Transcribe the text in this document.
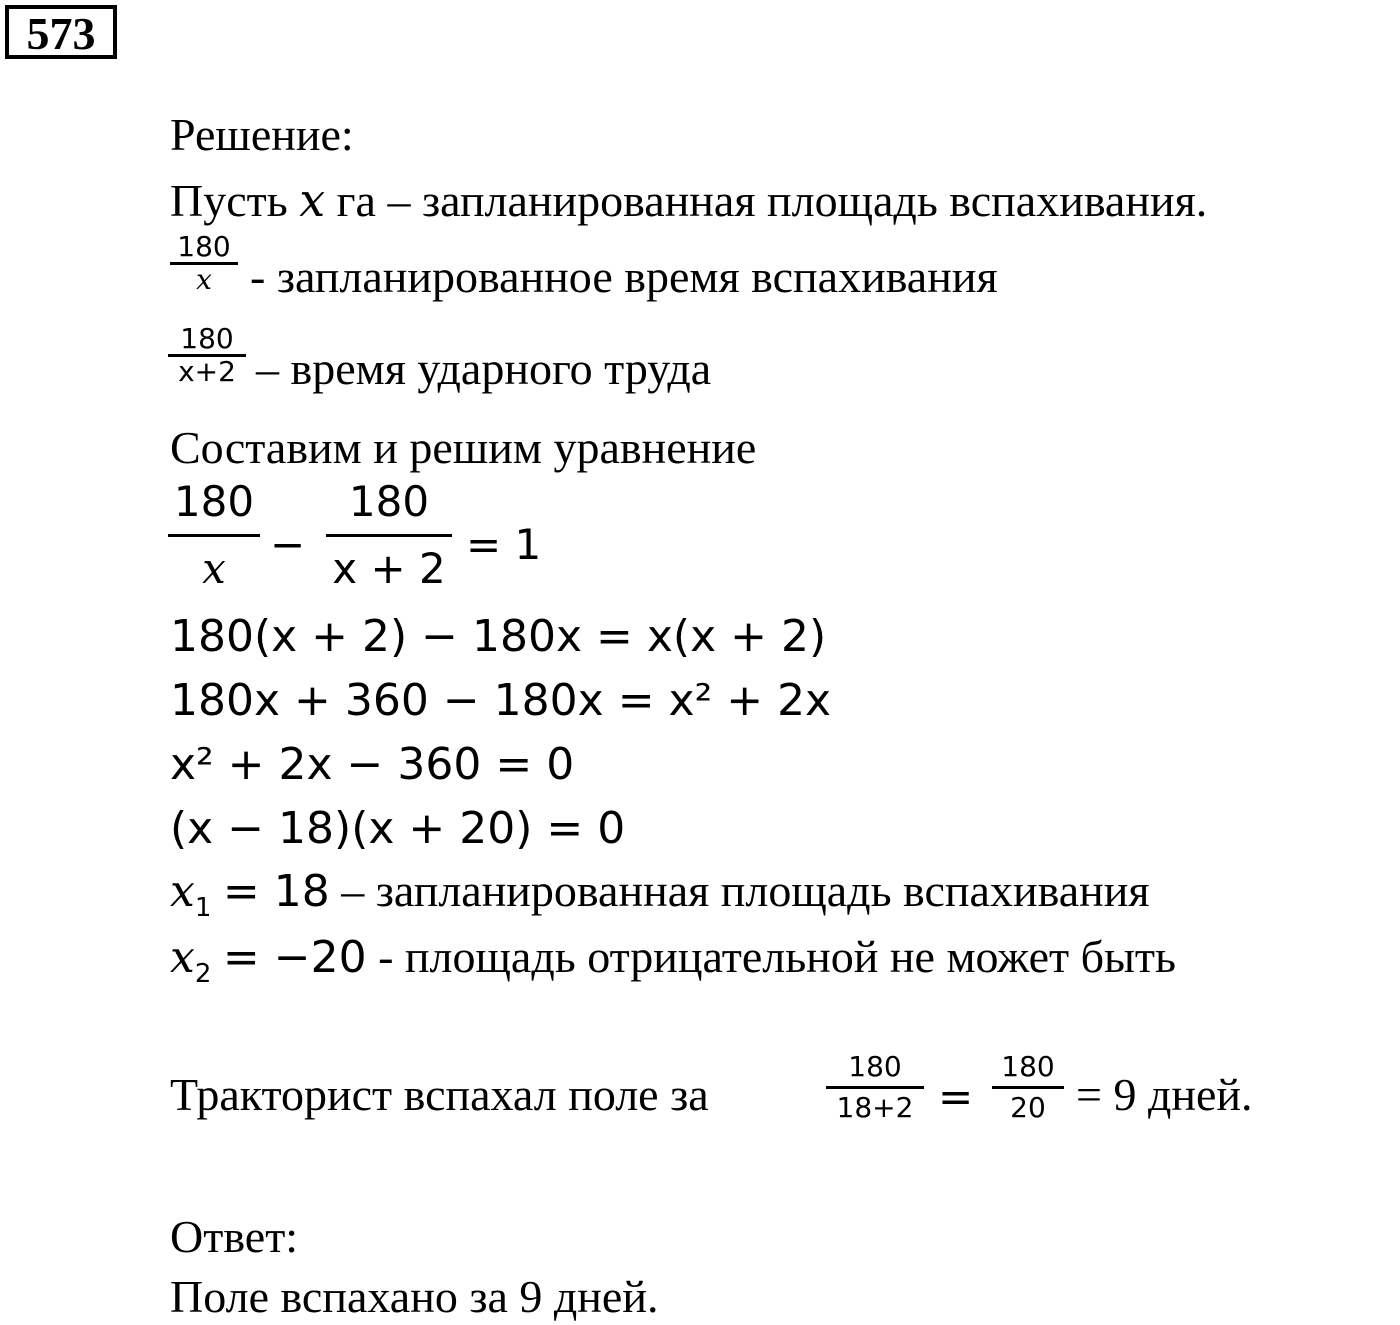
573
Решение:
Пусть x га – запланированная площадь вспахивания.
180
x - запланированное время вспахивания
180
x+2 – время ударного труда
Составим и решим уравнение
180
x	−
180
x + 2 = 1
180(x + 2) − 180x = x(x + 2)
180x + 360 − 180x = x² + 2x
x² + 2x − 360 = 0
(x − 18)(x + 20) = 0
$x_1 = 18$ – запланированная площадь вспахивания
$x_2 = -20$ - площадь отрицательной не может быть
Тракторист вспахал поле за
180
18+2 =
180
20 = 9 дней.
Ответ:
Поле вспахано за 9 дней.
